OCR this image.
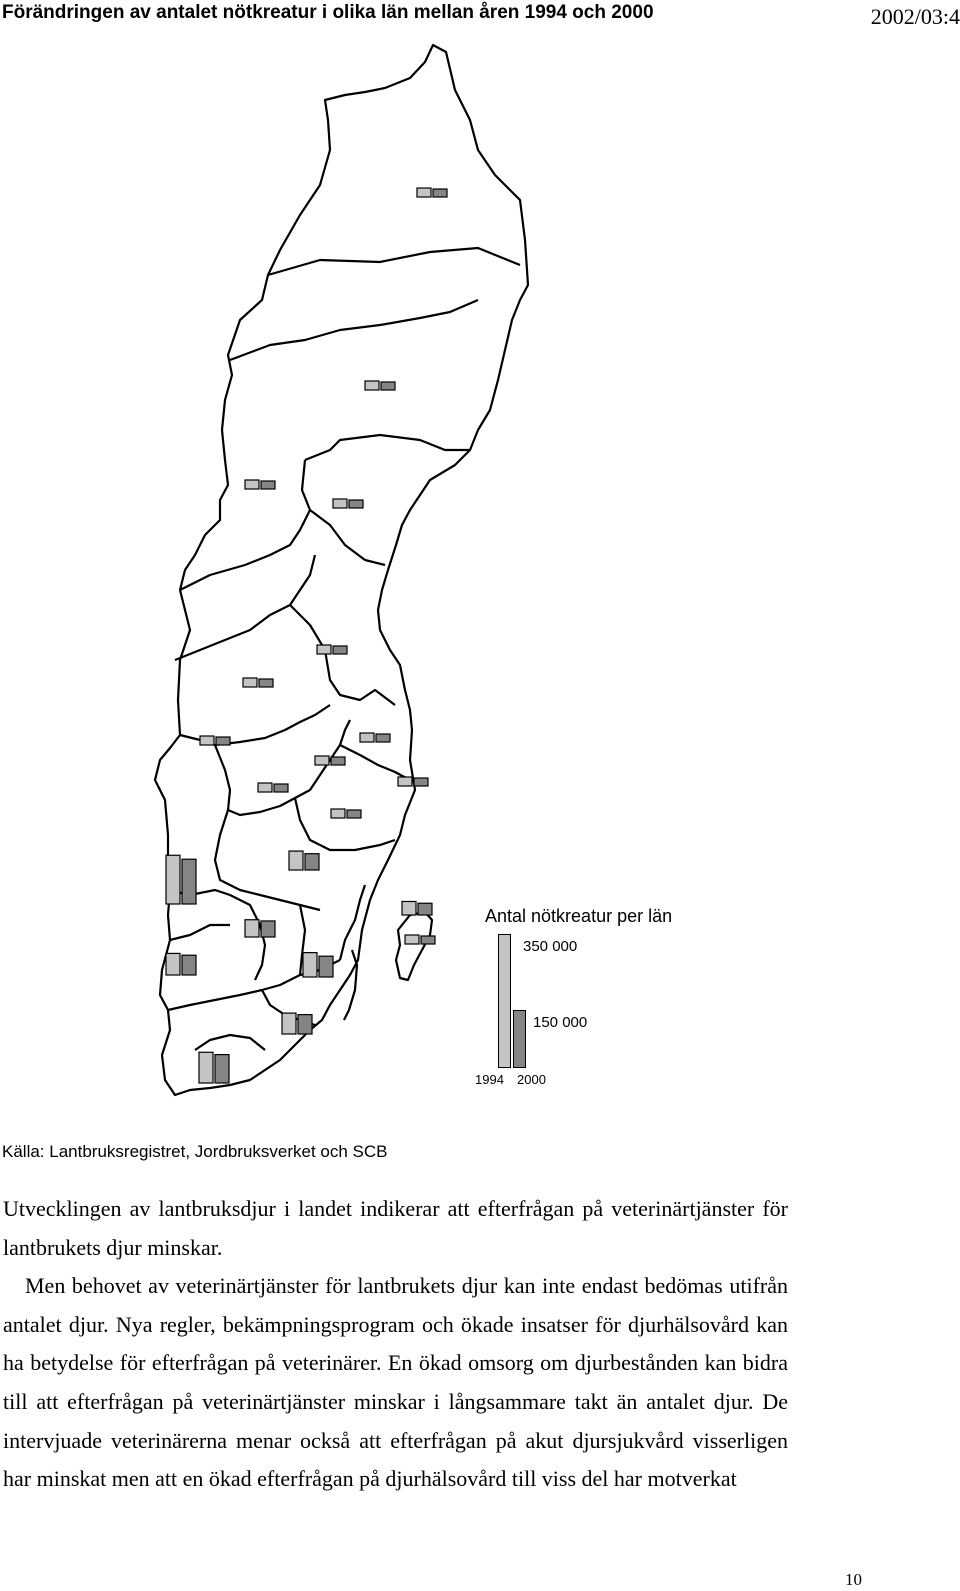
Förändringen av antalet nötkreatur i olika län mellan åren 1994 och 2000	2002/03:4
Antal nötkreatur per län
350 000
150 000
1994 2000
Källa: Lantbruksregistret, Jordbruksverket och SCB

Utvecklingen av lantbruksdjur i landet indikerar att efterfrågan på veterinärtjänster för lantbrukets djur minskar.

Men behovet av veterinärtjänster för lantbrukets djur kan inte endast bedömas utifrån antalet djur. Nya regler, bekämpningsprogram och ökade insatser för djurhälsovård kan ha betydelse för efterfrågan på veterinärer. En ökad omsorg om djurbestånden kan bidra till att efterfrågan på veterinärtjänster minskar i långsammare takt än antalet djur. De intervjuade veterinärerna menar också att efterfrågan på akut djursjukvård visserligen har minskat men att en ökad efterfrågan på djurhälsovård till viss del har motverkat

10
